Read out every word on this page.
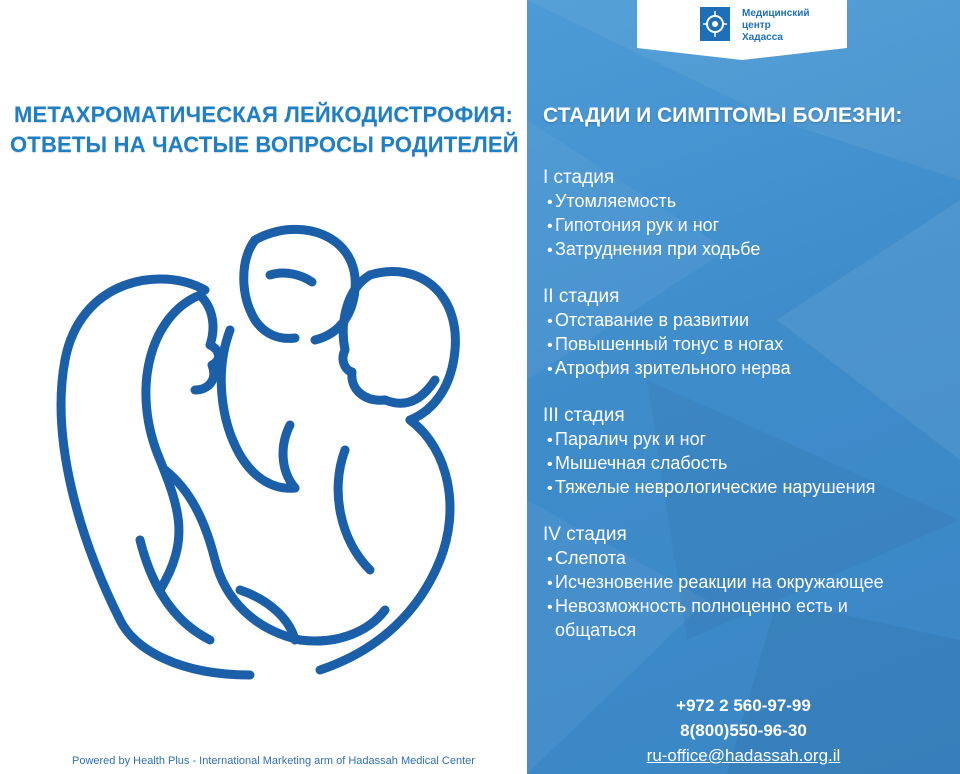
МЕТАХРОМАТИЧЕСКАЯ ЛЕЙКОДИСТРОФИЯ:
ОТВЕТЫ НА ЧАСТЫЕ ВОПРОСЫ РОДИТЕЛЕЙ
Powered by Health Plus - International Marketing arm of Hadassah Medical Center
Медицинский
центр
Хадасса
СТАДИИ И СИМПТОМЫ БОЛЕЗНИ:
I стадия
• Утомляемость
• Гипотония рук и ног
• Затруднения при ходьбе
II стадия
• Отставание в развитии
• Повышенный тонус в ногах
• Атрофия зрительного нерва
III стадия
• Паралич рук и ног
• Мышечная слабость
• Тяжелые неврологические нарушения
IV стадия
• Слепота
• Исчезновение реакции на окружающее
• Невозможность полноценно есть и
общаться
+972 2 560-97-99
8(800)550-96-30
ru-office@hadassah.org.il
